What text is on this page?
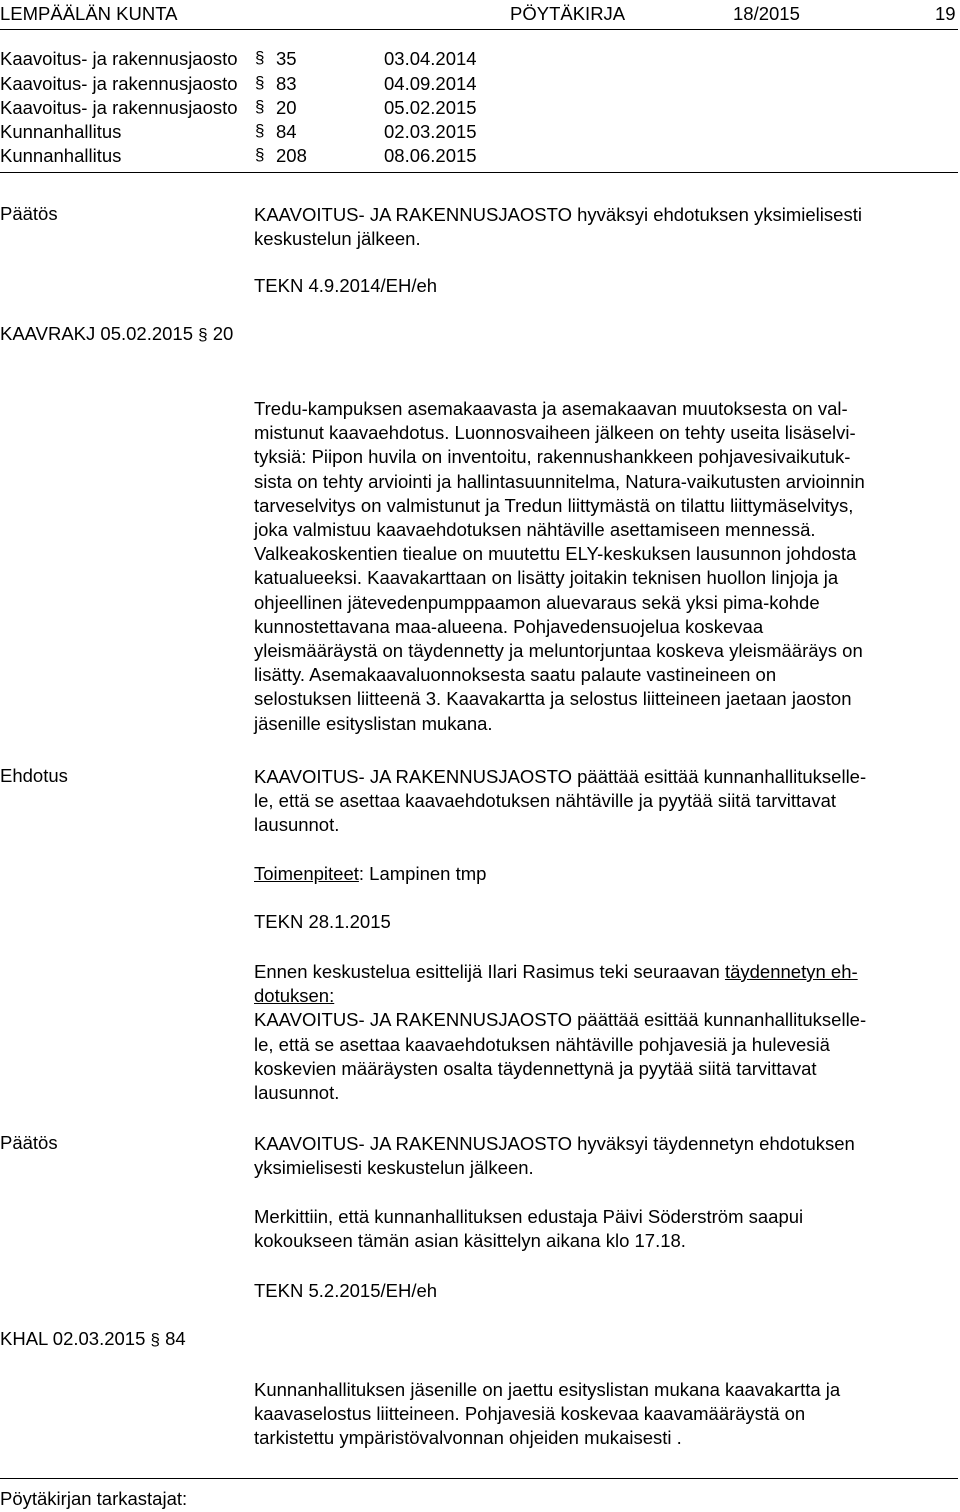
LEMPÄÄLÄN KUNTA	PÖYTÄKIRJA	18/2015	19
Kaavoitus- ja rakennusjaosto § 35	03.04.2014
Kaavoitus- ja rakennusjaosto § 83	04.09.2014
Kaavoitus- ja rakennusjaosto § 20	05.02.2015
Kunnanhallitus	§ 84	02.03.2015
Kunnanhallitus	§ 208	08.06.2015
Päätös	KAAVOITUS- JA RAKENNUSJAOSTO hyväksyi ehdotuksen yksimielisesti keskustelun jälkeen.
TEKN 4.9.2014/EH/eh
KAAVRAKJ 05.02.2015 § 20

Tredu-kampuksen asemakaavasta ja asemakaavan muutoksesta on val-

mistunut kaavaehdotus. Luonnosvaiheen jälkeen on tehty useita lisäselvi-

tyksiä: Piipon huvila on inventoitu, rakennushankkeen pohjavesivaikutuk-

sista on tehty arviointi ja hallintasuunnitelma, Natura-vaikutusten arvioinnin

tarveselvitys on valmistunut ja Tredun liittymästä on tilattu liittymäselvitys,

joka valmistuu kaavaehdotuksen nähtäville asettamiseen mennessä.

Valkeakoskentien tiealue on muutettu ELY-keskuksen lausunnon johdosta

katualueeksi. Kaavakarttaan on lisätty joitakin teknisen huollon linjoja ja

ohjeellinen jätevedenpumppaamon aluevaraus sekä yksi pima-kohde

kunnostettavana maa-alueena. Pohjavedensuojelua koskevaa

yleismääräystä on täydennetty ja meluntorjuntaa koskeva yleismääräys on

lisätty. Asemakaavaluonnoksesta saatu palaute vastineineen on

selostuksen liitteenä 3. Kaavakartta ja selostus liitteineen jaetaan jaoston

jäsenille esityslistan mukana.

Ehdotus	KAAVOITUS- JA RAKENNUSJAOSTO päättää esittää kunnanhallitukselle-

le, että se asettaa kaavaehdotuksen nähtäville ja pyytää siitä tarvittavat

lausunnot.

Toimenpiteet: Lampinen tmp
TEKN 28.1.2015

Ennen keskustelua esittelijä Ilari Rasimus teki seuraavan täydennetyn eh-

dotuksen:

KAAVOITUS- JA RAKENNUSJAOSTO päättää esittää kunnanhallitukselle-

le, että se asettaa kaavaehdotuksen nähtäville pohjavesiä ja hulevesiä

koskevien määräysten osalta täydennettynä ja pyytää siitä tarvittavat

lausunnot.

Päätös	KAAVOITUS- JA RAKENNUSJAOSTO hyväksyi täydennetyn ehdotuksen

yksimielisesti keskustelun jälkeen.

Merkittiin, että kunnanhallituksen edustaja Päivi Söderström saapui

kokoukseen tämän asian käsittelyn aikana klo 17.18.

TEKN 5.2.2015/EH/eh
KHAL 02.03.2015 § 84

Kunnanhallituksen jäsenille on jaettu esityslistan mukana kaavakartta ja

kaavaselostus liitteineen. Pohjavesiä koskevaa kaavamääräystä on

tarkistettu ympäristövalvonnan ohjeiden mukaisesti .

Pöytäkirjan tarkastajat:
